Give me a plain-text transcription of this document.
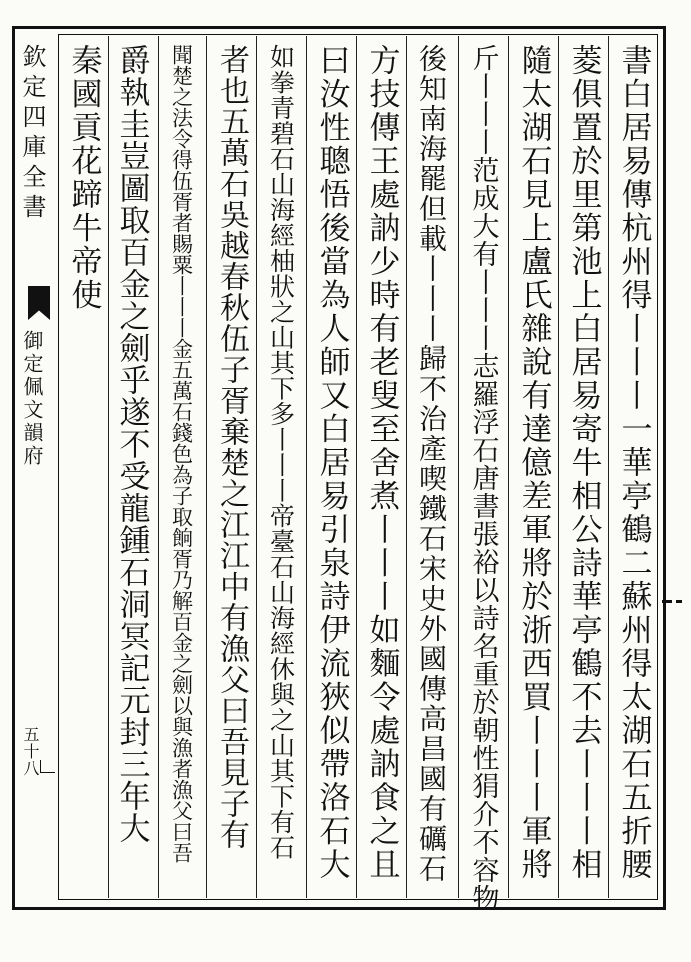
欽定四庫全書
御定佩文韻府
五十八	書白居易傳杭州得丨丨丨一華亭鶴二蘇州得太湖石五折腰
菱俱置於里第池上白居易寄牛相公詩華亭鶴不去丨丨丨相
隨太湖石見上盧氏雜說有達億差軍將於浙西買丨丨丨軍將
斤丨丨丨范成大有丨丨丨志羅浮石唐書張裕以詩名重於朝性狷介不容物
後知南海罷但載丨丨丨歸不治產喫鐵石宋史外國傳高昌國有礪石
方技傳王處訥少時有老叟至舍煮丨丨丨如麵令處訥食之且
曰汝性聰悟後當為人師又白居易引泉詩伊流狹似帶洛石大
如拳青碧石山海經柚狀之山其下多丨丨丨帝臺石山海經休與之山其下有石
者也五萬石吳越春秋伍子胥棄楚之江江中有漁父曰吾見子有
聞楚之法令得伍胥者賜粟丨丨丨金五萬石錢色為子取餉胥乃解百金之劍以與漁者漁父曰吾
爵執圭豈圖取百金之劍乎遂不受龍鍾石洞冥記元封三年大
秦國貢花蹄牛帝使
